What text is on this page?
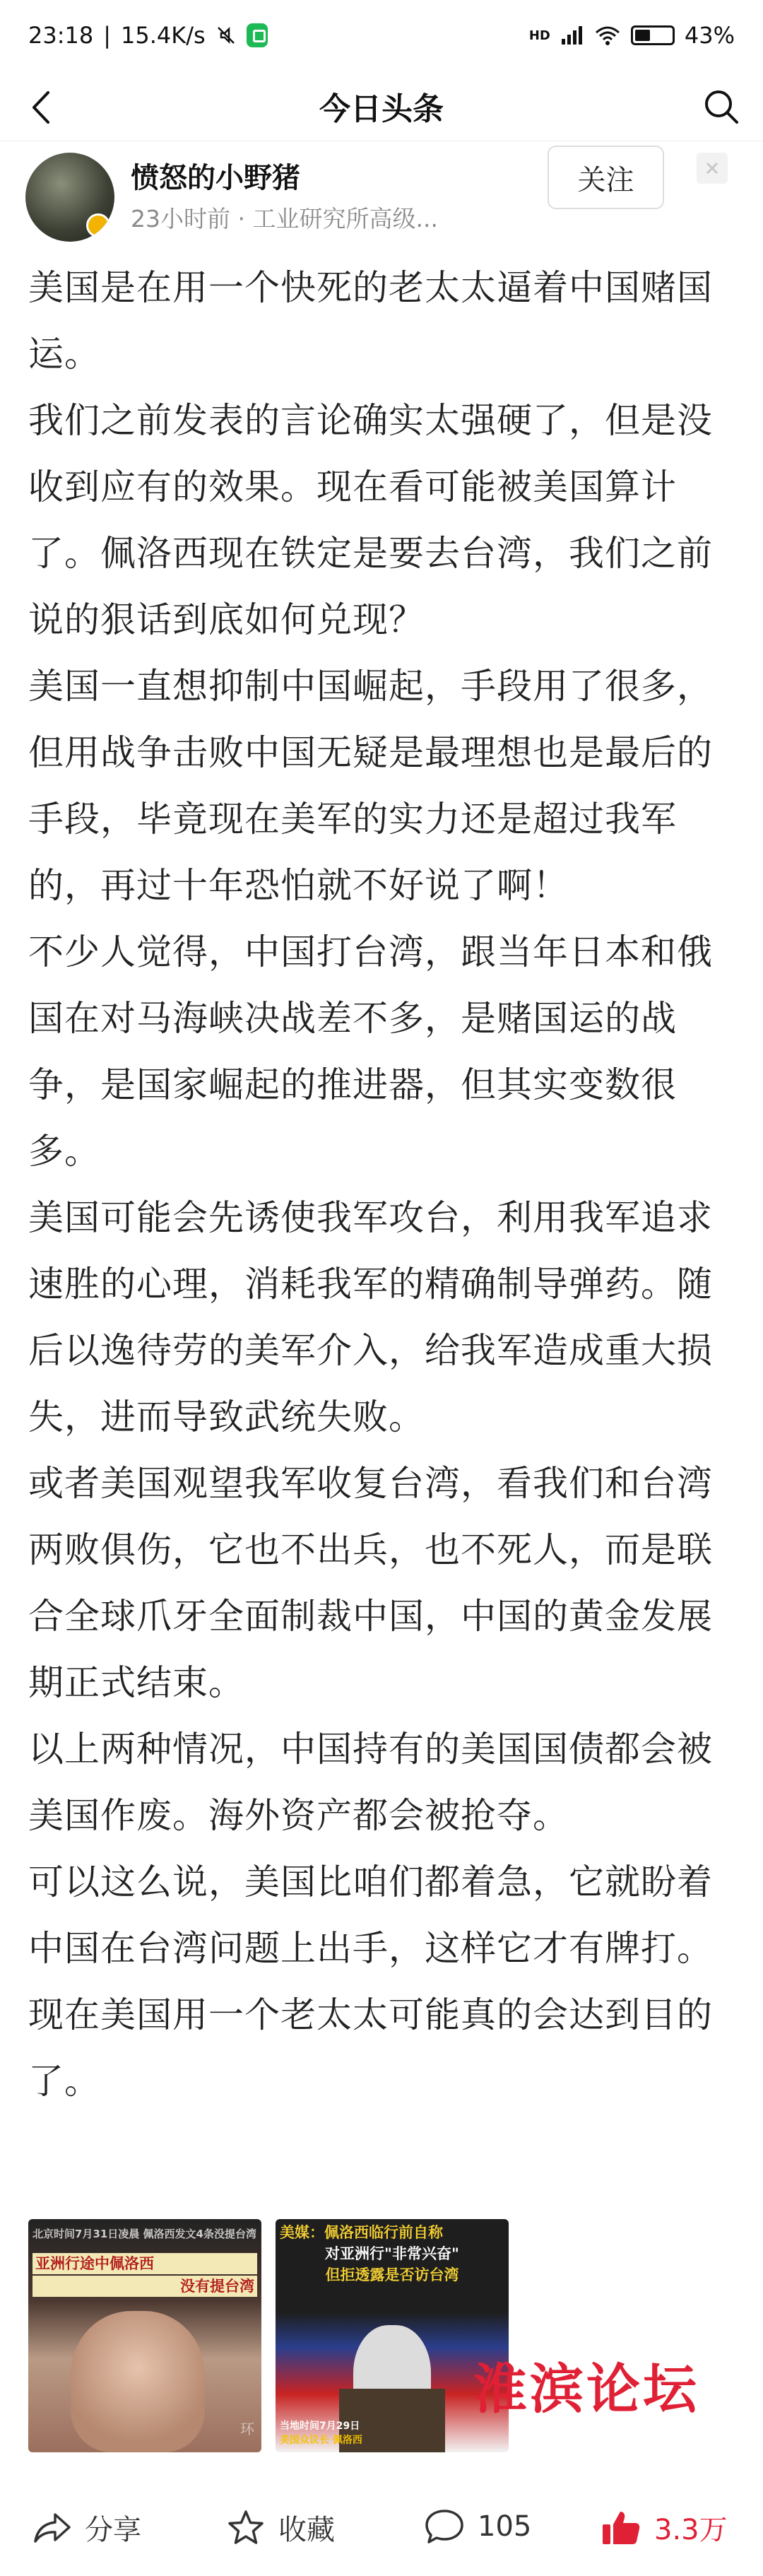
23:18 | 15.4K/s	HD	43%
今日头条
愤怒的小野猪
23小时前 · 工业研究所高级...
关注

美国是在用一个快死的老太太逼着中国赌国运。

我们之前发表的言论确实太强硬了，但是没收到应有的效果。现在看可能被美国算计了。佩洛西现在铁定是要去台湾，我们之前说的狠话到底如何兑现？

美国一直想抑制中国崛起，手段用了很多，但用战争击败中国无疑是最理想也是最后的手段，毕竟现在美军的实力还是超过我军的，再过十年恐怕就不好说了啊！

不少人觉得，中国打台湾，跟当年日本和俄国在对马海峡决战差不多，是赌国运的战争，是国家崛起的推进器，但其实变数很多。

美国可能会先诱使我军攻台，利用我军追求速胜的心理，消耗我军的精确制导弹药。随后以逸待劳的美军介入，给我军造成重大损失，进而导致武统失败。

或者美国观望我军收复台湾，看我们和台湾两败俱伤，它也不出兵，也不死人，而是联合全球爪牙全面制裁中国，中国的黄金发展期正式结束。

以上两种情况，中国持有的美国国债都会被美国作废。海外资产都会被抢夺。

可以这么说，美国比咱们都着急，它就盼着中国在台湾问题上出手，这样它才有牌打。现在美国用一个老太太可能真的会达到目的了。

北京时间7月31日凌晨 佩洛西发文4条没提台湾
亚洲行途中佩洛西
没有提台湾
环
美媒：佩洛西临行前自称
对亚洲行"非常兴奋"
但拒透露是否访台湾
当地时间7月29日
美国众议长 佩洛西
淮滨论坛
分享	收藏	105	3.3万
